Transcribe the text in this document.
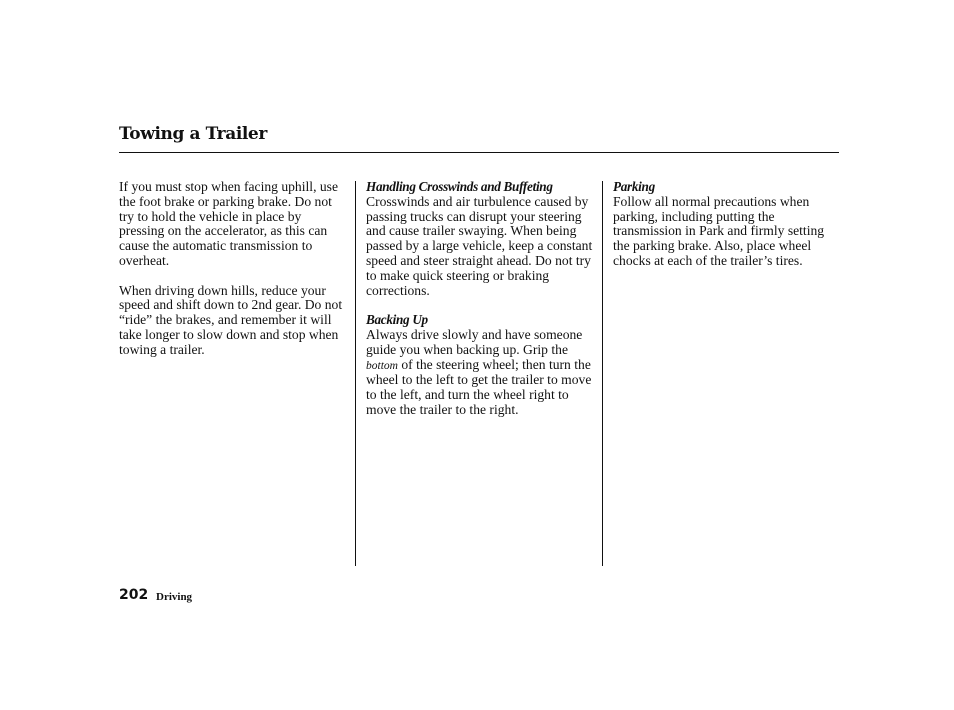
Towing a Trailer

If you must stop when facing uphill, use the foot brake or parking brake. Do not try to hold the vehicle in place by pressing on the accelerator, as this can cause the automatic transmission to overheat.

When driving down hills, reduce your speed and shift down to 2nd gear. Do not “ride” the brakes, and remember it will take longer to slow down and stop when towing a trailer.

Handling Crosswinds and Buffeting

Crosswinds and air turbulence caused by passing trucks can disrupt your steering and cause trailer swaying. When being passed by a large vehicle, keep a constant speed and steer straight ahead. Do not try to make quick steering or braking corrections.

Backing Up

Always drive slowly and have someone guide you when backing up. Grip the bottom of the steering wheel; then turn the wheel to the left to get the trailer to move to the left, and turn the wheel right to move the trailer to the right.

Parking

Follow all normal precautions when parking, including putting the transmission in Park and firmly setting the parking brake. Also, place wheel chocks at each of the trailer’s tires.

202 Driving
